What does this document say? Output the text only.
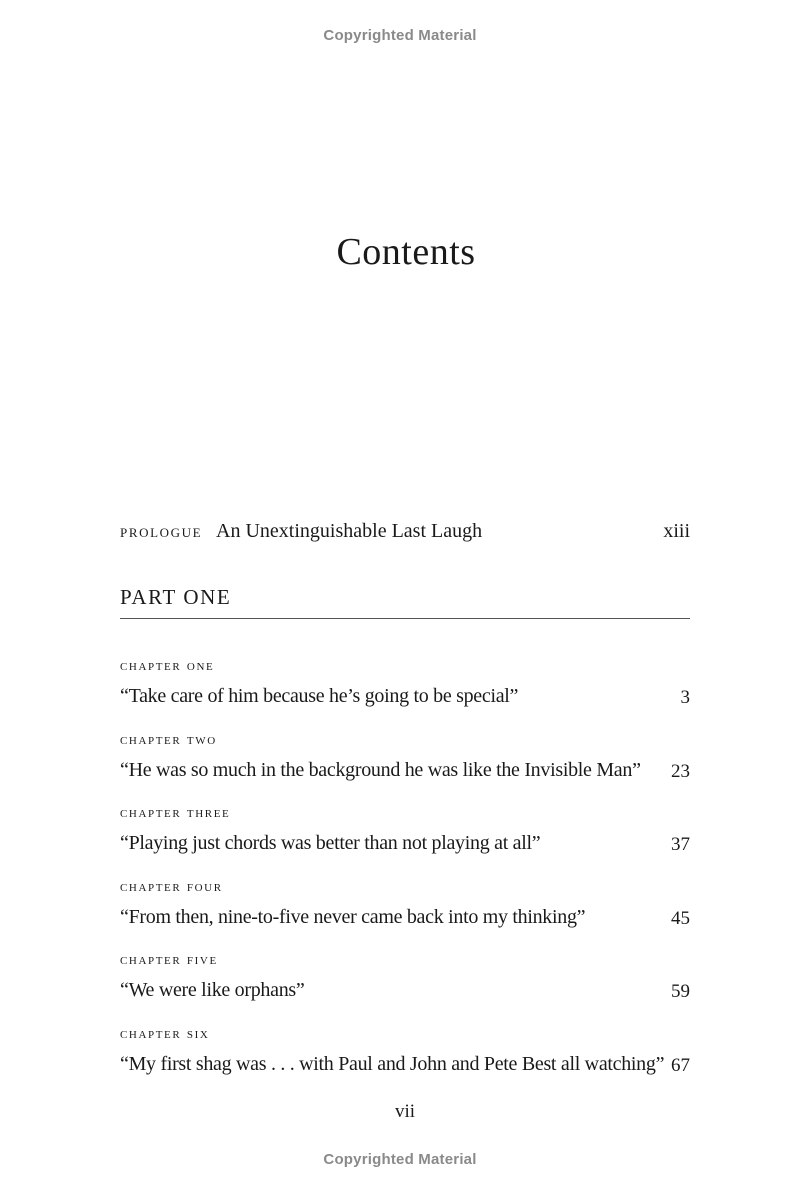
Copyrighted Material
Contents
prologue An Unextinguishable Last Laugh	xiii
PART ONE
chapter one
“Take care of him because he’s going to be special”	3
chapter two
“He was so much in the background he was like the Invisible Man” 23
chapter three
“Playing just chords was better than not playing at all”	37
chapter four
“From then, nine-to-five never came back into my thinking”	45
chapter five
“We were like orphans”	59
chapter six
“My first shag was . . . with Paul and John and Pete Best all watching” 67
vii
Copyrighted Material
